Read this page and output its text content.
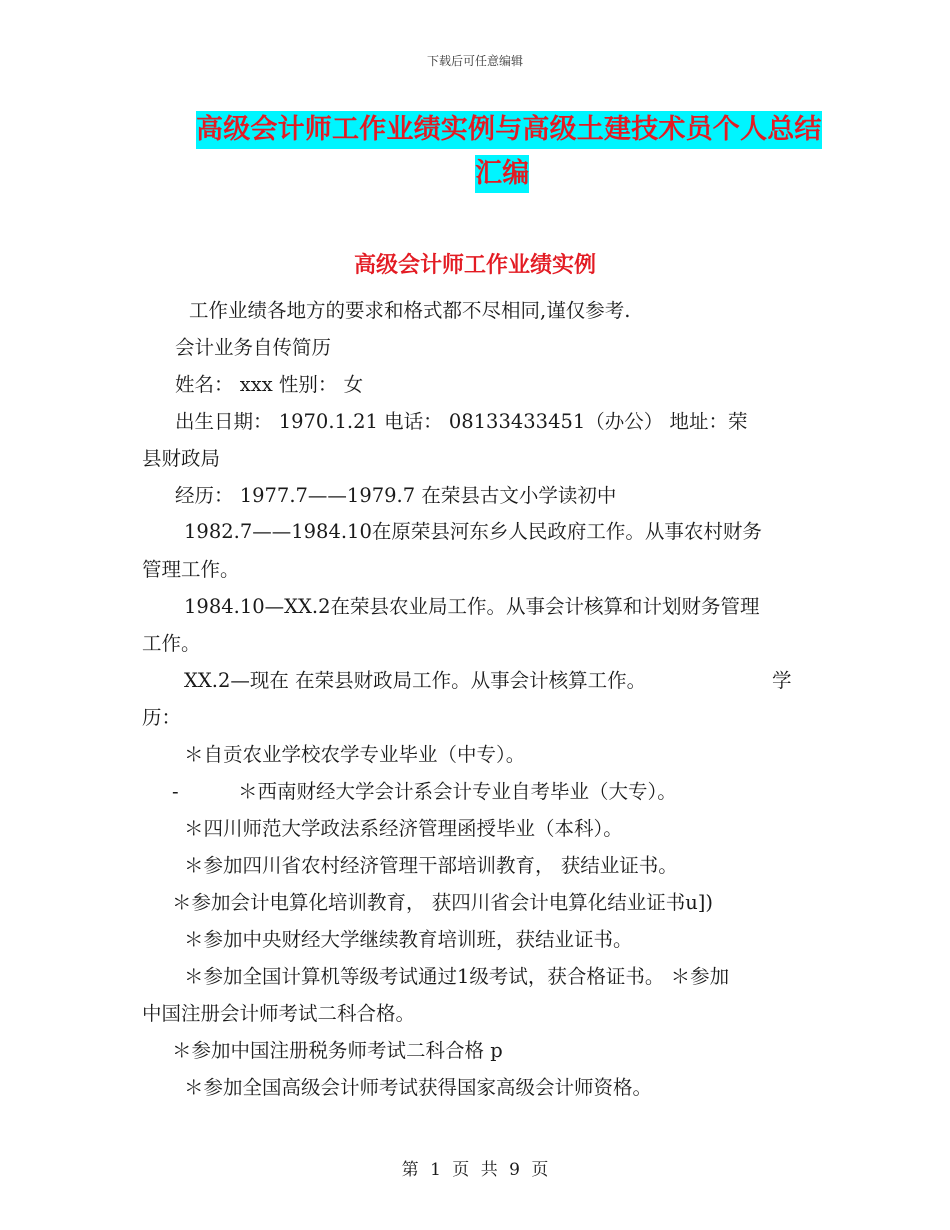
下载后可任意编辑
高级会计师工作业绩实例与高级土建技术员个人总结
汇编
高级会计师工作业绩实例
工作业绩各地方的要求和格式都不尽相同,谨仅参考.
会计业务自传简历
姓名： xxx 性别： 女
出生日期： 1970.1.21 电话： 08133433451（办公） 地址：荣
县财政局
经历： 1977.7——1979.7 在荣县古文小学读初中
1982.7——1984.10在原荣县河东乡人民政府工作。从事农村财务
管理工作。
1984.10—XX.2在荣县农业局工作。从事会计核算和计划财务管理
工作。
XX.2—现在 在荣县财政局工作。从事会计核算工作。	学
历：
＊自贡农业学校农学专业毕业（中专）。
-	＊西南财经大学会计系会计专业自考毕业（大专）。
＊四川师范大学政法系经济管理函授毕业（本科）。
＊参加四川省农村经济管理干部培训教育， 获结业证书。
＊参加会计电算化培训教育， 获四川省会计电算化结业证书u])
＊参加中央财经大学继续教育培训班，获结业证书。
＊参加全国计算机等级考试通过1级考试，获合格证书。 ＊参加
中国注册会计师考试二科合格。
＊参加中国注册税务师考试二科合格 p
＊参加全国高级会计师考试获得国家高级会计师资格。
第 1 页 共 9 页
